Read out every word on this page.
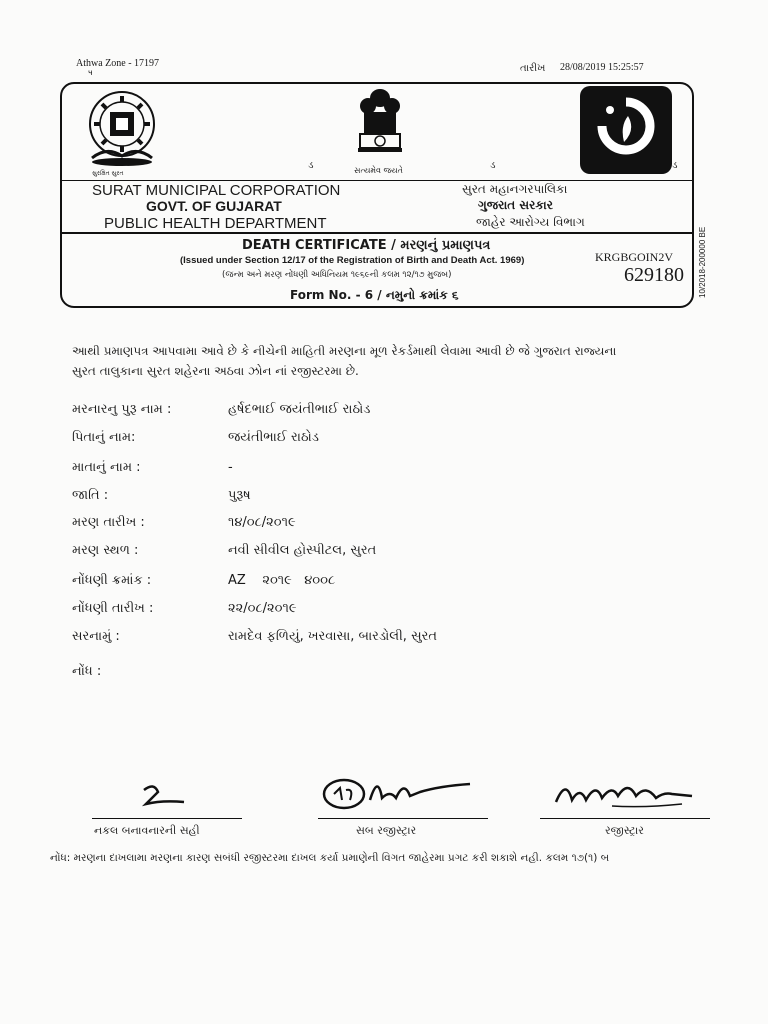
Athwa Zone - 17197
ч	તારીખ 28/08/2019 15:25:57
સુરક્ષિત સુરત	સત્યમેવ જયતે
ડ	ડ	ડ
SURAT MUNICIPAL CORPORATION
GOVT. OF GUJARAT
PUBLIC HEALTH DEPARTMENT
સુરત મહાનગરપાલિકા
ગુજરાત સરકાર
જાહેર આરોગ્ય વિભાગ
DEATH CERTIFICATE / મરણનું પ્રમાણપત્ર
(Issued under Section 12/17 of the Registration of Birth and Death Act. 1969)
(જન્મ અને મરણ નોંધણી અધિનિયમ ૧૯૬૯ની કલમ ૧૨/૧૭ મુજબ)
Form No. - 6 / નમુનો ક્રમાંક ૬
KRGBGOIN2V
629180 10/2018-200000 BE
આથી પ્રમાણપત્ર આપવામા આવે છે કે નીચેની માહિતી મરણના મૂળ રેકર્ડમાથી લેવામા આવી છે જે ગુજરાત રાજ્યના
સુરત તાલુકાના સુરત શહેરના અઠવા ઝોન નાં રજીસ્ટરમા છે.
મરનારનુ પુરૂ નામ :	હર્ષદભાઈ જયંતીભાઈ રાઠોડ
પિતાનું નામ:	જયંતીભાઈ રાઠોડ
માતાનું નામ :	-
જાતિ :	પુરૂષ
મરણ તારીખ :	૧૪/૦૮/૨૦૧૯
મરણ સ્થળ :	નવી સીવીલ હોસ્પીટલ, સુરત
નોંધણી ક્રમાંક :	AZ    ૨૦૧૯   ૪૦૦૮
નોંધણી તારીખ :	૨૨/૦૮/૨૦૧૯
સરનામું :	રામદેવ ફળિયું, ખરવાસા, બારડોલી, સુરત
નોંધ :
નકલ બનાવનારની સહી	સબ રજીસ્ટ્રાર	રજીસ્ટ્રાર
નોંધ: મરણના દાખલામા મરણના કારણ સબંધી રજીસ્ટરમા દાખલ કર્યા પ્રમાણેની વિગત જાહેરમા પ્રગટ કરી શકાશે નહી. કલમ ૧૭(૧) બ
